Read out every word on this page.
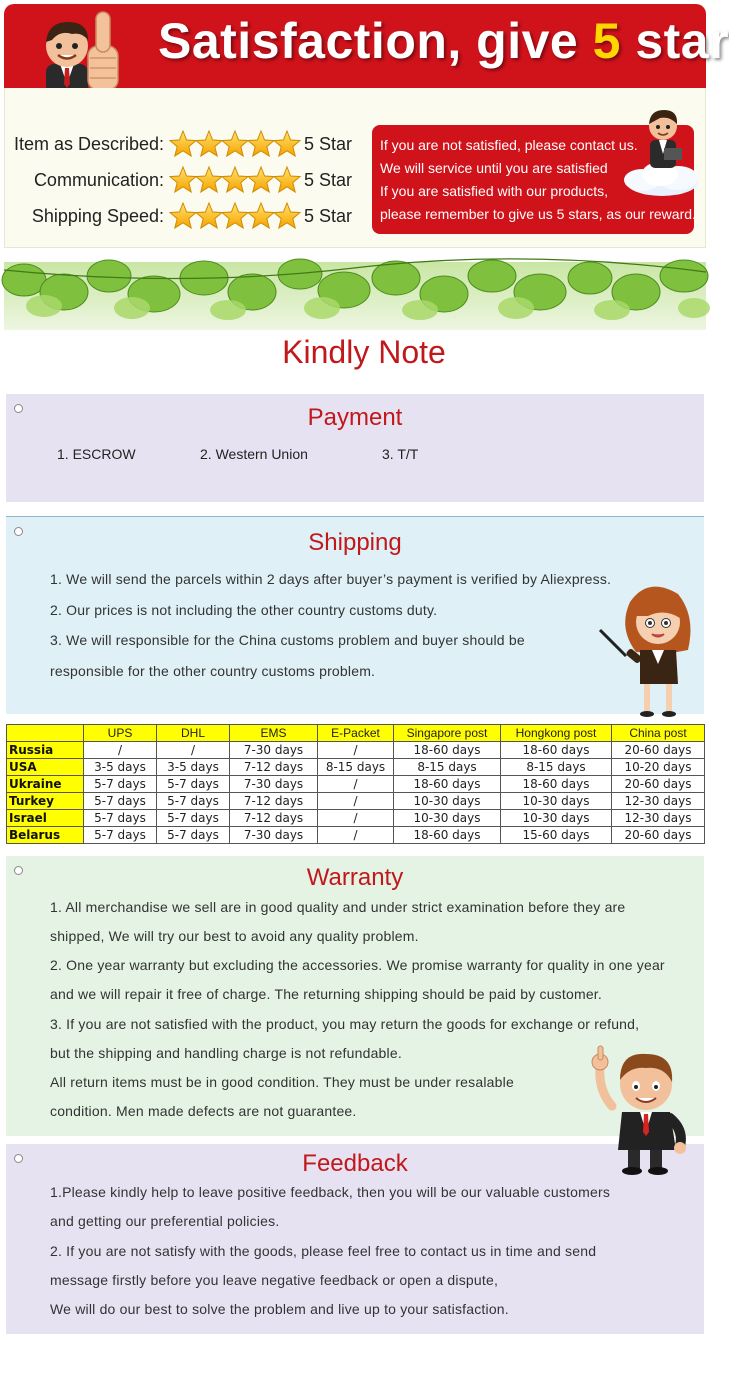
Satisfaction, give 5 star
Item as Described:	5 Star
Communication:	5 Star
Shipping Speed:	5 Star
If you are not satisfied, please contact us.
We will service until you are satisfied
If you are satisfied with our products,
please remember to give us 5 stars, as our reward.
Kindly Note
Payment
1. ESCROW	2. Western Union	3. T/T
Shipping
1. We will send the parcels within 2 days after buyer’s payment is verified by Aliexpress.
2. Our prices is not including the other country customs duty.
3. We will responsible for the China customs problem and buyer should be
responsible for the other country customs problem.
	UPS	DHL	EMS	E-Packet	Singapore post	Hongkong post	China post
Russia	/	/	7-30 days	/	18-60 days	18-60 days	20-60 days
USA	3-5 days	3-5 days	7-12 days	8-15 days	8-15 days	8-15 days	10-20 days
Ukraine	5-7 days	5-7 days	7-30 days	/	18-60 days	18-60 days	20-60 days
Turkey	5-7 days	5-7 days	7-12 days	/	10-30 days	10-30 days	12-30 days
Israel	5-7 days	5-7 days	7-12 days	/	10-30 days	10-30 days	12-30 days
Belarus	5-7 days	5-7 days	7-30 days	/	18-60 days	15-60 days	20-60 days
Warranty
1. All merchandise we sell are in good quality and under strict examination before they are
shipped, We will try our best to avoid any quality problem.
2. One year warranty but excluding the accessories. We promise warranty for quality in one year
and we will repair it free of charge. The returning shipping should be paid by customer.
3. If you are not satisfied with the product, you may return the goods for exchange or refund,
but the shipping and handling charge is not refundable.
All return items must be in good condition. They must be under resalable
condition. Men made defects are not guarantee.
Feedback
1.Please kindly help to leave positive feedback, then you will be our valuable customers
and getting our preferential policies.
2. If you are not satisfy with the goods, please feel free to contact us in time and send
message firstly before you leave negative feedback or open a dispute,
We will do our best to solve the problem and live up to your satisfaction.
